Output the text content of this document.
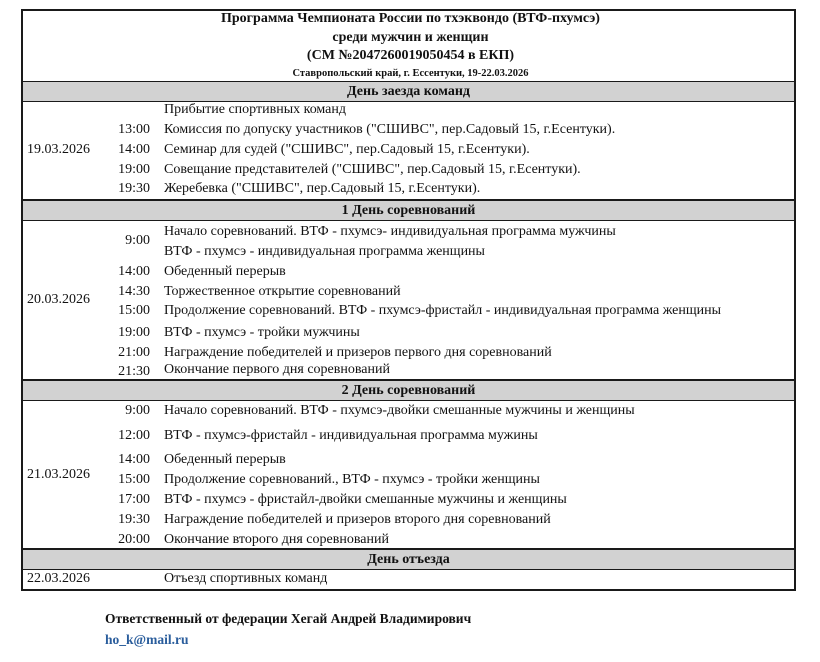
Программа Чемпионата России по тхэквондо (ВТФ-пхумсэ)
среди мужчин и женщин
(СМ №2047260019050454 в ЕКП)
Ставропольский край, г. Ессентуки, 19-22.03.2026
День заезда команд
19.03.2026
Прибытие спортивных команд
13:00 Комиссия по допуску участников ("СШИВС", пер.Садовый 15, г.Есентуки).
14:00 Семинар для судей ("СШИВС", пер.Садовый 15, г.Есентуки).
19:00 Совещание представителей ("СШИВС", пер.Садовый 15, г.Есентуки).
19:30 Жеребевка ("СШИВС", пер.Садовый 15, г.Есентуки).
1 День соревнований
20.03.2026
9:00
Начало соревнований. ВТФ - пхумсэ- индивидуальная программа мужчины
ВТФ - пхумсэ - индивидуальная программа женщины
14:00 Обеденный перерыв
14:30 Торжественное открытие соревнований
15:00 Продолжение соревнований. ВТФ - пхумсэ-фристайл - индивидуальная программа женщины
19:00 ВТФ - пхумсэ - тройки мужчины
21:00 Награждение победителей и призеров первого дня соревнований
21:30 Окончание первого дня соревнований
2 День соревнований
21.03.2026
9:00 Начало соревнований. ВТФ - пхумсэ-двойки смешанные мужчины и женщины
12:00 ВТФ - пхумсэ-фристайл - индивидуальная программа мужины
14:00 Обеденный перерыв
15:00 Продолжение соревнований., ВТФ - пхумсэ - тройки женщины
17:00 ВТФ - пхумсэ - фристайл-двойки смешанные мужчины и женщины
19:30 Награждение победителей и призеров второго дня соревнований
20:00 Окончание второго дня соревнований
День отъезда
22.03.2026	Отъезд спортивных команд
Ответственный от федерации Хегай Андрей Владимирович
ho_k@mail.ru
